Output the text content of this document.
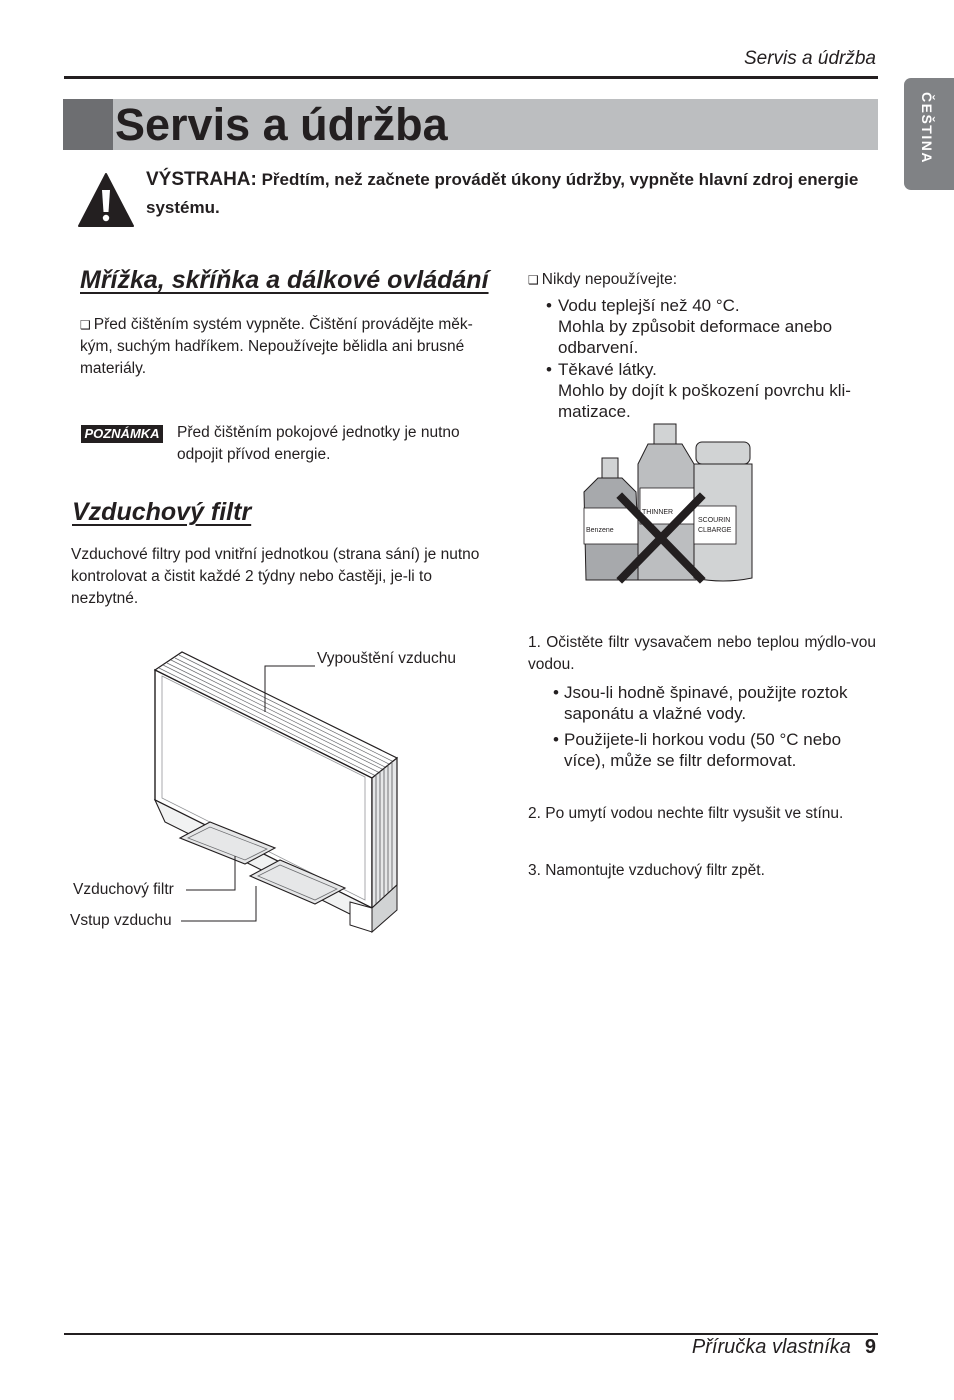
Servis a údržba
Servis a údržba	ČEŠTINA
VÝSTRAHA: Předtím, než začnete provádět úkony údržby, vypněte hlavní zdroj energie systému.
Mřížka, skříňka a dálkové ovládání
❑ Před čištěním systém vypněte. Čištění provádějte měk-kým, suchým hadříkem. Nepoužívejte bělidla ani brusné materiály.
POZNÁMKA Před čištěním pokojové jednotky je nutno odpojit přívod energie.
Vzduchový filtr
Vzduchové filtry pod vnitřní jednotkou (strana sání) je nutno kontrolovat a čistit každé 2 týdny nebo častěji, je-li to nezbytné.
Vypouštění vzduchu
Vzduchový filtr
Vstup vzduchu
❑ Nikdy nepoužívejte:
• Vodu teplejší než 40 °C.
Mohla by způsobit deformace anebo odbarvení.
• Těkavé látky.
Mohlo by dojít k poškození povrchu kli-matizace.
Benzene
THINNER
SCOURIN
CLBARGE
1. Očistěte filtr vysavačem nebo teplou mýdlo-vou vodou.
• Jsou-li hodně špinavé, použijte roztok saponátu a vlažné vody.
• Použijete-li horkou vodu (50 °C nebo více), může se filtr deformovat.
2. Po umytí vodou nechte filtr vysušit ve stínu.
3. Namontujte vzduchový filtr zpět.
Příručka vlastníka 9
